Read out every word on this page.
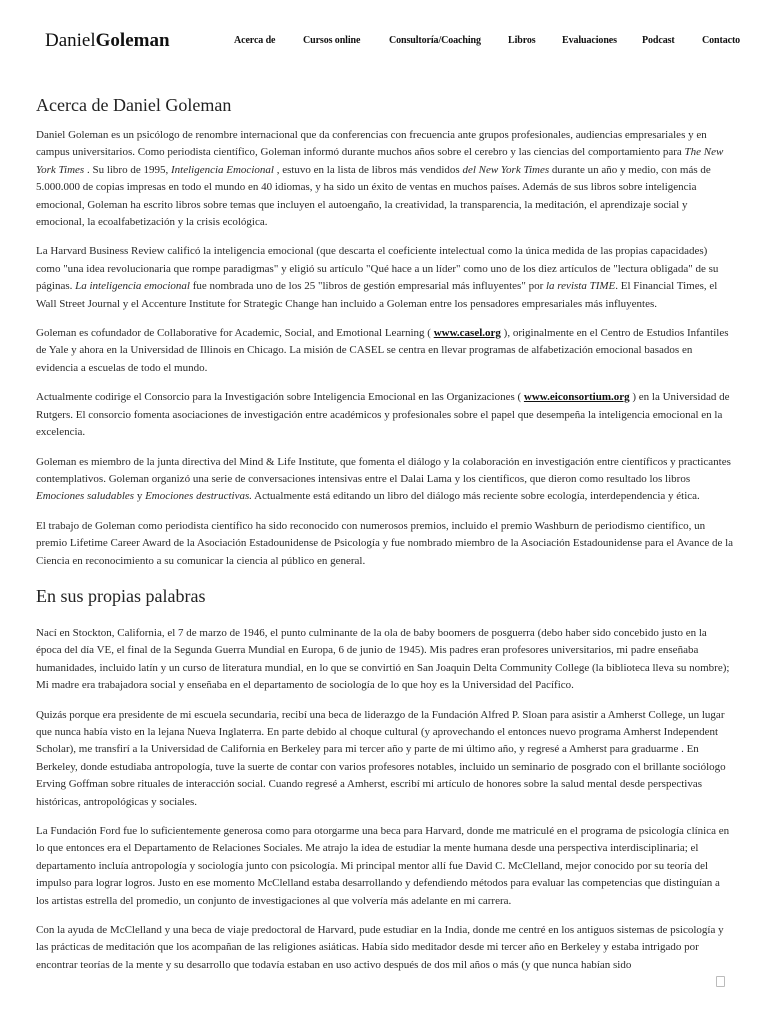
DanielGoleman	Acerca de	Cursos online	Consultoría/Coaching	Libros	Evaluaciones	Podcast	Contacto
Acerca de Daniel Goleman

Daniel Goleman es un psicólogo de renombre internacional que da conferencias con frecuencia ante grupos profesionales, audiencias empresariales y en campus universitarios. Como periodista científico, Goleman informó durante muchos años sobre el cerebro y las ciencias del comportamiento para The New York Times . Su libro de 1995, Inteligencia Emocional , estuvo en la lista de libros más vendidos del New York Times durante un año y medio, con más de 5.000.000 de copias impresas en todo el mundo en 40 idiomas, y ha sido un éxito de ventas en muchos países. Además de sus libros sobre inteligencia emocional, Goleman ha escrito libros sobre temas que incluyen el autoengaño, la creatividad, la transparencia, la meditación, el aprendizaje social y emocional, la ecoalfabetización y la crisis ecológica.

La Harvard Business Review calificó la inteligencia emocional (que descarta el coeficiente intelectual como la única medida de las propias capacidades) como "una idea revolucionaria que rompe paradigmas" y eligió su artículo "Qué hace a un líder" como uno de los diez artículos de "lectura obligada" de su páginas. La inteligencia emocional fue nombrada uno de los 25 "libros de gestión empresarial más influyentes" por la revista TIME. El Financial Times, el Wall Street Journal y el Accenture Institute for Strategic Change han incluido a Goleman entre los pensadores empresariales más influyentes.

Goleman es cofundador de Collaborative for Academic, Social, and Emotional Learning ( www.casel.org ), originalmente en el Centro de Estudios Infantiles de Yale y ahora en la Universidad de Illinois en Chicago. La misión de CASEL se centra en llevar programas de alfabetización emocional basados en evidencia a escuelas de todo el mundo.

Actualmente codirige el Consorcio para la Investigación sobre Inteligencia Emocional en las Organizaciones ( www.eiconsortium.org ) en la Universidad de Rutgers. El consorcio fomenta asociaciones de investigación entre académicos y profesionales sobre el papel que desempeña la inteligencia emocional en la excelencia.

Goleman es miembro de la junta directiva del Mind & Life Institute, que fomenta el diálogo y la colaboración en investigación entre científicos y practicantes contemplativos. Goleman organizó una serie de conversaciones intensivas entre el Dalai Lama y los científicos, que dieron como resultado los libros Emociones saludables y Emociones destructivas. Actualmente está editando un libro del diálogo más reciente sobre ecología, interdependencia y ética.

El trabajo de Goleman como periodista científico ha sido reconocido con numerosos premios, incluido el premio Washburn de periodismo científico, un premio Lifetime Career Award de la Asociación Estadounidense de Psicología y fue nombrado miembro de la Asociación Estadounidense para el Avance de la Ciencia en reconocimiento a su comunicar la ciencia al público en general.

En sus propias palabras

Nací en Stockton, California, el 7 de marzo de 1946, el punto culminante de la ola de baby boomers de posguerra (debo haber sido concebido justo en la época del día VE, el final de la Segunda Guerra Mundial en Europa, 6 de junio de 1945). Mis padres eran profesores universitarios, mi padre enseñaba humanidades, incluido latín y un curso de literatura mundial, en lo que se convirtió en San Joaquin Delta Community College (la biblioteca lleva su nombre); Mi madre era trabajadora social y enseñaba en el departamento de sociología de lo que hoy es la Universidad del Pacífico.

Quizás porque era presidente de mi escuela secundaria, recibí una beca de liderazgo de la Fundación Alfred P. Sloan para asistir a Amherst College, un lugar que nunca había visto en la lejana Nueva Inglaterra. En parte debido al choque cultural (y aprovechando el entonces nuevo programa Amherst Independent Scholar), me transfirí a la Universidad de California en Berkeley para mi tercer año y parte de mi último año, y regresé a Amherst para graduarme . En Berkeley, donde estudiaba antropología, tuve la suerte de contar con varios profesores notables, incluido un seminario de posgrado con el brillante sociólogo Erving Goffman sobre rituales de interacción social. Cuando regresé a Amherst, escribí mi artículo de honores sobre la salud mental desde perspectivas históricas, antropológicas y sociales.

La Fundación Ford fue lo suficientemente generosa como para otorgarme una beca para Harvard, donde me matriculé en el programa de psicología clínica en lo que entonces era el Departamento de Relaciones Sociales. Me atrajo la idea de estudiar la mente humana desde una perspectiva interdisciplinaria; el departamento incluía antropología y sociología junto con psicología. Mi principal mentor allí fue David C. McClelland, mejor conocido por su teoría del impulso para lograr logros. Justo en ese momento McClelland estaba desarrollando y defendiendo métodos para evaluar las competencias que distinguían a los artistas estrella del promedio, un conjunto de investigaciones al que volvería más adelante en mi carrera.

Con la ayuda de McClelland y una beca de viaje predoctoral de Harvard, pude estudiar en la India, donde me centré en los antiguos sistemas de psicología y las prácticas de meditación que los acompañan de las religiones asiáticas. Había sido meditador desde mi tercer año en Berkeley y estaba intrigado por encontrar teorías de la mente y su desarrollo que todavía estaban en uso activo después de dos mil años o más (y que nunca habían sido
